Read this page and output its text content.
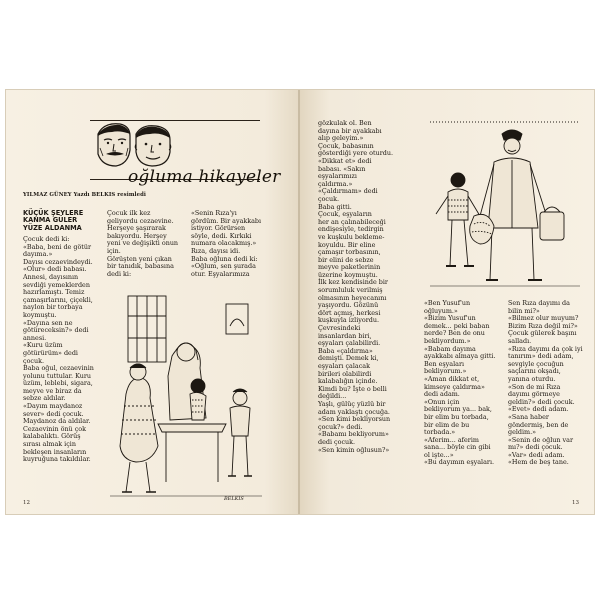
oğluma hikayeler
YILMAZ GÜNEY Yazdı BELKIS resimledi
KÜÇÜK ŞEYLERE
KANMA GÜLER
YÜZE ALDANMA

Çocuk dedi ki:

«Baba, beni de götür

dayıma.»

Dayısı cezaevindeydi.

«Olur» dedi babası.

Annesi, dayısının

sevdiği yemeklerden

hazırlamıştı. Temiz

çamaşırlarını, çiçekli,

naylon bir torbaya

koymuştu.

«Dayına sen ne

götüreceksin?» dedi

annesi.

«Kuru üzüm

götürürüm» dedi

çocuk.

Baba oğul, cezaevinin

yolunu tuttular. Kuru

üzüm, leblebi, sigara,

meyve ve biraz da

sebze aldılar.

«Dayım maydanoz

sever» dedi çocuk.

Maydanoz da aldılar.

Cezaevinin önü çok

kalabalıktı. Görüş

sırası almak için

bekleşen insanların

kuyruğuna takıldılar.

Çocuk ilk kez

geliyordu cezaevine.

Herşeye şaşırarak

bakıyordu. Herşey

yeni ve değişikti onun

için.

Görüşten yeni çıkan

bir tanıdık, babasına

dedi ki:

«Senin Rıza'yı

gördüm. Bir ayakkabı

istiyor. Görürsen

söyle, dedi. Kırkıki

numara olacakmış.»

Rıza, dayısı idi.

Baba oğluna dedi ki:

«Oğlum, sen şurada

otur. Eşyalarımıza

BELKIS
12

gözkulak ol. Ben

dayına bir ayakkabı

alıp geleyim.»

Çocuk, babasının

gösterdiği yere oturdu.

«Dikkat et» dedi

babası. «Sakın

eşyalarımızı

çaldırma.»

«Çaldırmam» dedi

çocuk.

Baba gitti.

Çocuk, eşyaların

her an çalınabileceği

endişesiyle, tedirgin

ve kuşkulu bekleme-

koyuldu. Bir eline

çamaşır torbasının,

bir elini de sebze

meyve paketlerinin

üzerine koymuştu.

İlk kez kendisinde bir

sorumluluk verilmiş

olmasının heyecanını

yaşıyordu. Gözünü

dört açmış, herkesi

kuşkuyla izliyordu.

Çevresindeki

insanlardan biri,

eşyaları çalabilirdi.

Baba «çaldırma»

demişti. Demek ki,

eşyaları çalacak

birileri olabilirdi

kalabalığın içinde.

Kimdi bu? İşte o belli

değildi...

Yaşlı, gülüç yüzlü bir

adam yaklaştı çocuğa.

«Sen kimi bekliyorsun

çocuk?» dedi.

«Babamı bekliyorum»

dedi çocuk.

«Sen kimin oğlusun?»

«Ben Yusuf'un

oğluyum.»

«Bizim Yusuf'un

demek... peki baban

nerde? Ben de onu

bekliyordum.»

«Babam dayıma

ayakkabı almaya gitti.

Ben eşyaları

bekliyorum.»

«Aman dikkat et,

kimseye çaldırma»

dedi adam.

«Onun için

bekliyorum ya... bak,

bir elim bu torbada,

bir elim de bu

torbada.»

«Aferim... aferim

sana... böyle cin gibi

ol işte...»

«Bu dayımın eşyaları.

Sen Rıza dayımı da

bilin mi?»

«Bilmez olur muyum?

Bizim Rıza değil mi?»

Çocuk gülerek başını

salladı.

«Rıza dayımı da çok iyi

tanırım» dedi adam,

sevgiyle çocuğun

saçlarını okşadı,

yanına oturdu.

«Son de mi Rıza

dayımı görmeye

geldin?» dedi çocuk.

«Evet» dedi adam.

«Sana haber

göndermiş, ben de

geldim.»

«Senin de oğlun var

mı?» dedi çocuk.

«Var» dedi adam.

«Hem de beş tane.

13
